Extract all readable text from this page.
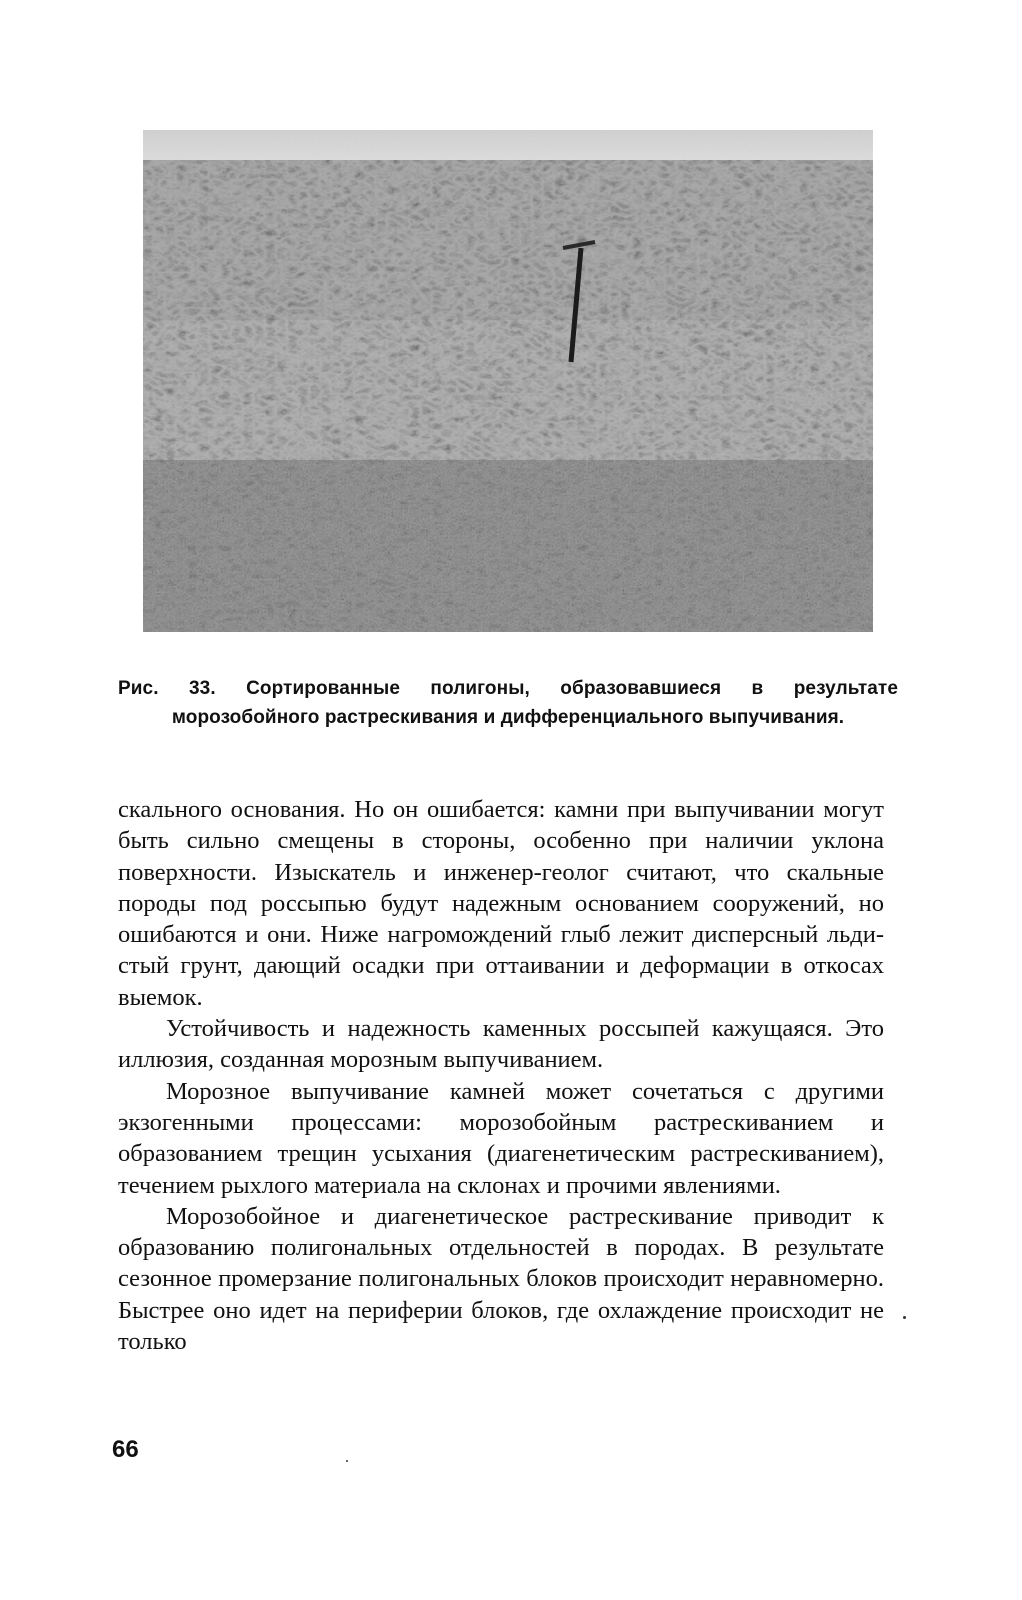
Рис. 33. Сортированные полигоны, образовавшиеся в результате морозобойного растрескивания и дифференциального выпучивания.

скального основания. Но он ошибается: камни при выпучивании могут быть сильно смещены в стороны, особенно при наличии уклона поверхности. Изыскатель и инженер-геолог считают, что скальные породы под россыпью будут надежным основанием сооружений, но ошибаются и они. Ниже нагромождений глыб лежит дисперсный льдистый грунт, дающий осадки при оттаивании и деформации в откосах выемок.

Устойчивость и надежность каменных россыпей кажущаяся. Это иллюзия, созданная морозным выпучиванием.

Морозное выпучивание камней может сочетаться с другими экзогенными процессами: морозобойным растрескиванием и образованием трещин усыхания (диагенетическим растрескиванием), течением рыхлого материала на склонах и прочими явлениями.

Морозобойное и диагенетическое растрескивание приводит к образованию полигональных отдельностей в породах. В результате сезонное промерзание полигональных блоков происходит неравномерно. Быстрее оно идет на периферии блоков, где охлаждение происходит не только

66
